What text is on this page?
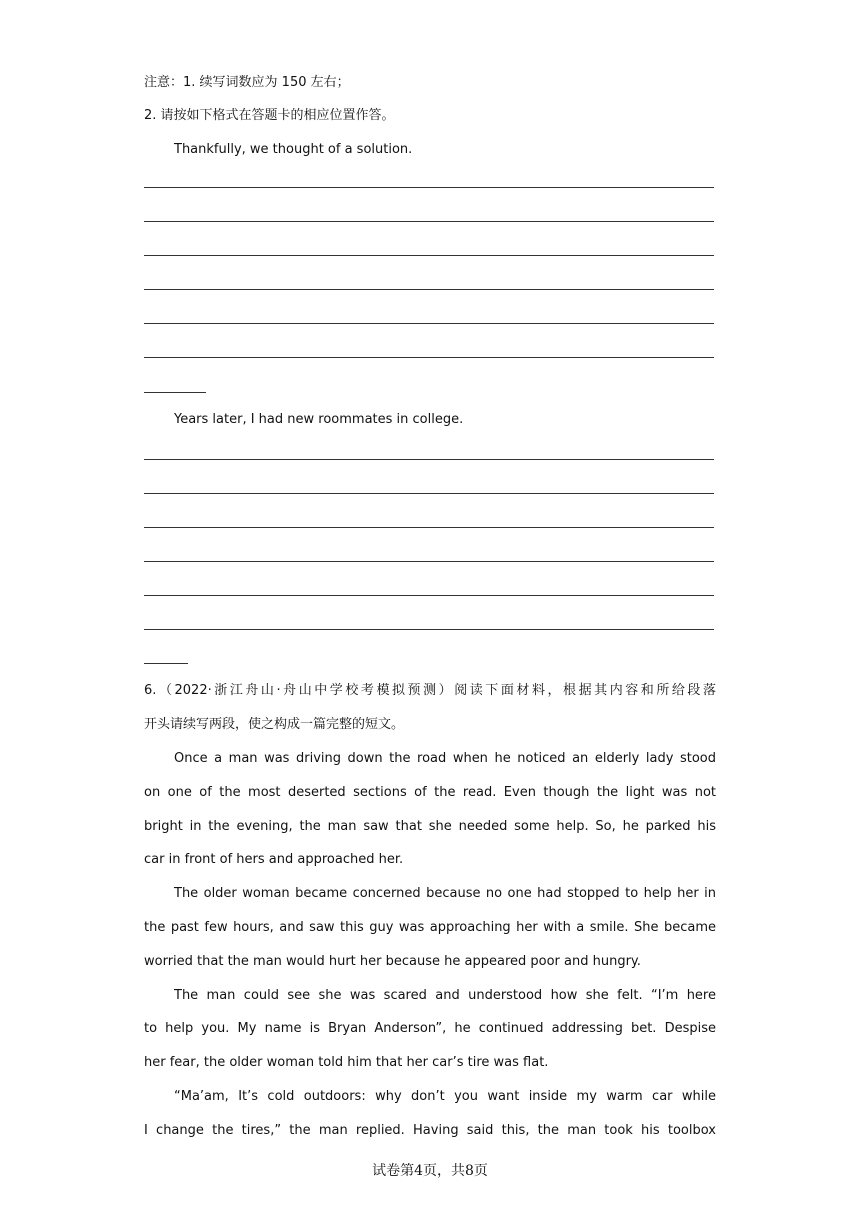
注意：1. 续写词数应为 150 左右；
2. 请按如下格式在答题卡的相应位置作答。
Thankfully, we thought of a solution.
Years later, I had new roommates in college.
6.（2022·浙江舟山·舟山中学校考模拟预测）阅读下面材料，根据其内容和所给段落
开头请续写两段，使之构成一篇完整的短文。
Once a man was driving down the road when he noticed an elderly lady stood
on one of the most deserted sections of the read. Even though the light was not
bright in the evening, the man saw that she needed some help. So, he parked his
car in front of hers and approached her.
The older woman became concerned because no one had stopped to help her in
the past few hours, and saw this guy was approaching her with a smile. She became
worried that the man would hurt her because he appeared poor and hungry.
The man could see she was scared and understood how she felt. “I’m here
to help you. My name is Bryan Anderson”, he continued addressing bet. Despise
her fear, the older woman told him that her car’s tire was flat.
“Ma’am, It’s cold outdoors: why don’t you want inside my warm car while
I change the tires,” the man replied. Having said this, the man took his toolbox
试卷第4页，共8页
